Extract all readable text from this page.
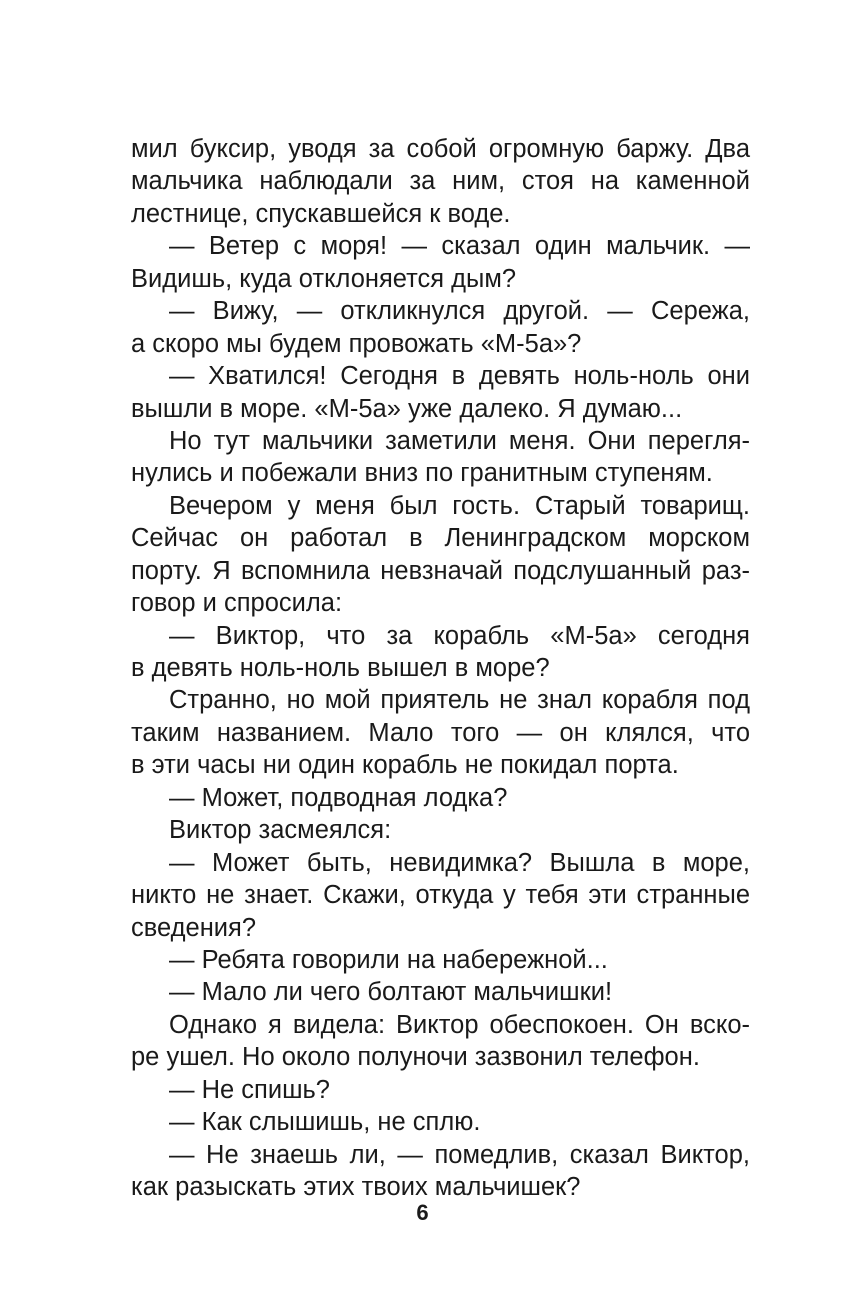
мил буксир, уводя за собой огромную баржу. Два
мальчика наблюдали за ним, стоя на каменной
лестнице, спускавшейся к воде.
— Ветер с моря! — сказал один мальчик. —
Видишь, куда отклоняется дым?
— Вижу, — откликнулся другой. — Сережа,
а скоро мы будем провожать «М-5а»?
— Хватился! Сегодня в девять ноль-ноль они
вышли в море. «М-5а» уже далеко. Я думаю...
Но тут мальчики заметили меня. Они перегля-
нулись и побежали вниз по гранитным ступеням.
Вечером у меня был гость. Старый товарищ.
Сейчас он работал в Ленинградском морском
порту. Я вспомнила невзначай подслушанный раз-
говор и спросила:
— Виктор, что за корабль «М-5а» сегодня
в девять ноль-ноль вышел в море?
Странно, но мой приятель не знал корабля под
таким названием. Мало того — он клялся, что
в эти часы ни один корабль не покидал порта.
— Может, подводная лодка?
Виктор засмеялся:
— Может быть, невидимка? Вышла в море,
никто не знает. Скажи, откуда у тебя эти странные
сведения?
— Ребята говорили на набережной...
— Мало ли чего болтают мальчишки!
Однако я видела: Виктор обеспокоен. Он вско-
ре ушел. Но около полуночи зазвонил телефон.
— Не спишь?
— Как слышишь, не сплю.
— Не знаешь ли, — помедлив, сказал Виктор,
как разыскать этих твоих мальчишек?
6
